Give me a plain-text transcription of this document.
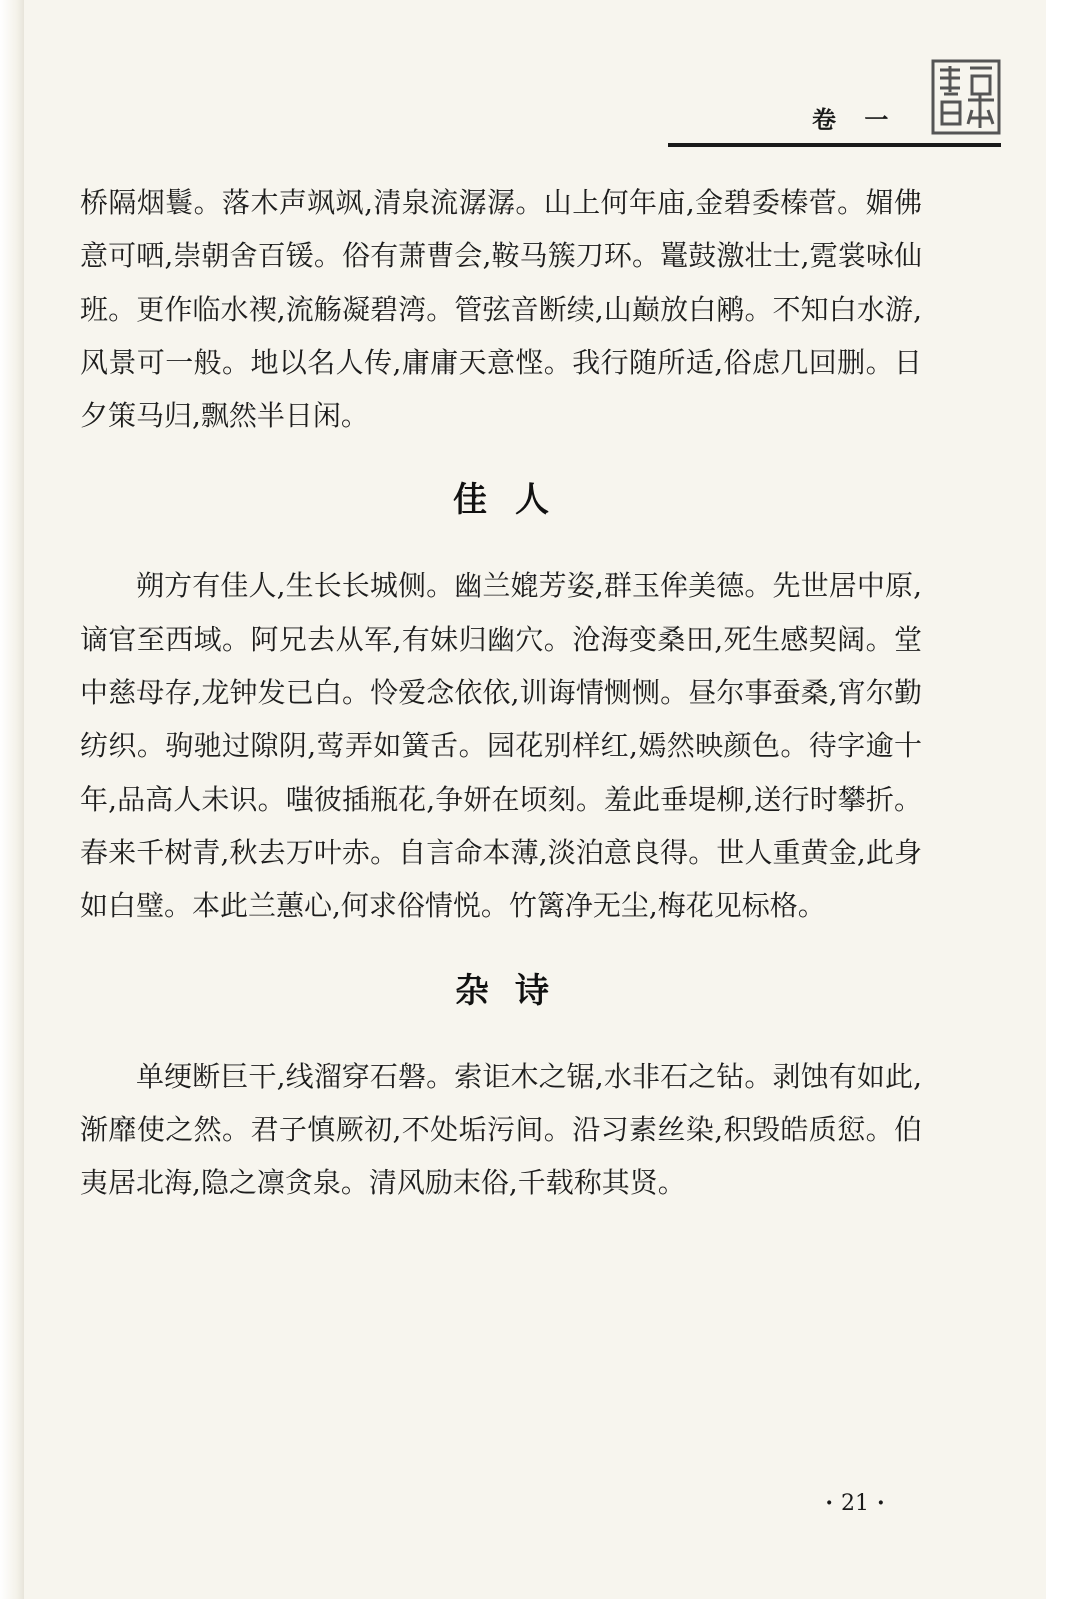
卷 一

桥隔烟鬟。落木声飒飒,清泉流潺潺。山上何年庙,金碧委榛菅。媚佛意可哂,崇朝舍百锾。俗有萧曹会,鞍马簇刀环。鼍鼓激壮士,霓裳咏仙班。更作临水禊,流觞凝碧湾。管弦音断续,山巅放白鹇。不知白水游,风景可一般。地以名人传,庸庸天意悭。我行随所适,俗虑几回删。日夕策马归,飘然半日闲。

佳人

朔方有佳人,生长长城侧。幽兰媲芳姿,群玉侔美德。先世居中原,谪官至西域。阿兄去从军,有妹归幽穴。沧海变桑田,死生感契阔。堂中慈母存,龙钟发已白。怜爱念依依,训诲情恻恻。昼尔事蚕桑,宵尔勤纺织。驹驰过隙阴,莺弄如簧舌。园花别样红,嫣然映颜色。待字逾十年,品高人未识。嗤彼插瓶花,争妍在顷刻。羞此垂堤柳,送行时攀折。春来千树青,秋去万叶赤。自言命本薄,淡泊意良得。世人重黄金,此身如白璧。本此兰蕙心,何求俗情悦。竹篱净无尘,梅花见标格。

杂诗

单绠断巨干,线溜穿石磐。索讵木之锯,水非石之钻。剥蚀有如此,渐靡使之然。君子慎厥初,不处垢污间。沿习素丝染,积毁皓质愆。伯夷居北海,隐之凛贪泉。清风励末俗,千载称其贤。

· 21 ·
